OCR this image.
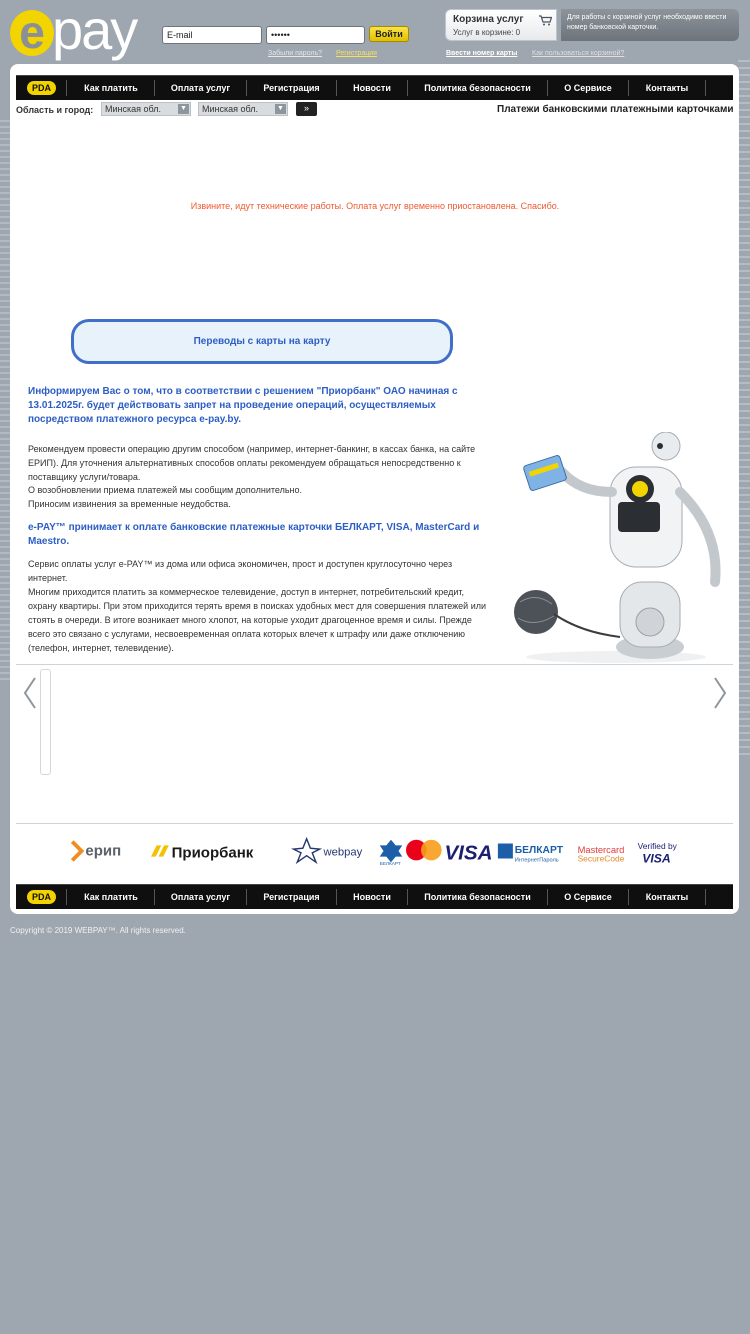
e pay	E-mail	••••••	Войти
Забыли пароль? Регистрация
Корзина услуг
Услуг в корзине: 0
Для работы с корзиной услуг необходимо ввести номер банковской карточки.
Ввести номер карты Как пользоваться корзиной?
PDA	Как платить	Оплата услуг	Регистрация	Новости	Политика безопасности	О Сервисе	Контакты
Область и город:	Минская обл.	▼	Минская обл.	▼	»	Платежи банковскими платежными карточками
Извините, идут технические работы. Оплата услуг временно приостановлена. Спасибо.
Переводы с карты на карту
Информируем Вас о том, что в соответствии с решением "Приорбанк" ОАО начиная с 13.01.2025г. будет действовать запрет на проведение операций, осуществляемых посредством платежного ресурса e-pay.by.
Рекомендуем провести операцию другим способом (например, интернет-банкинг, в кассах банка, на сайте ЕРИП). Для уточнения альтернативных способов оплаты рекомендуем обращаться непосредственно к поставщику услуги/товара.
О возобновлении приема платежей мы сообщим дополнительно.
Приносим извинения за временные неудобства.
e-PAY™ принимает к оплате банковские платежные карточки БЕЛКАРТ, VISA, MasterCard и Maestro.
Сервис оплаты услуг e-PAY™ из дома или офиса экономичен, прост и доступен круглосуточно через интернет.
Многим приходится платить за коммерческое телевидение, доступ в интернет, потребительский кредит, охрану квартиры. При этом приходится терять время в поисках удобных мест для совершения платежей или стоять в очереди. В итоге возникает много хлопот, на которые уходит драгоценное время и силы. Прежде всего это связано с услугами, несвоевременная оплата которых влечет к штрафу или даже отключению (телефон, интернет, телевидение).
ерип	Приорбанк	webpay
БЕЛКАРТ VISA БЕЛКАРТ
ИнтернетПароль
Mastercard
SecureCode
Verified by
VISA
PDA	Как платить	Оплата услуг	Регистрация	Новости	Политика безопасности	О Сервисе	Контакты
Copyright © 2019 WEBPAY™. All rights reserved.
